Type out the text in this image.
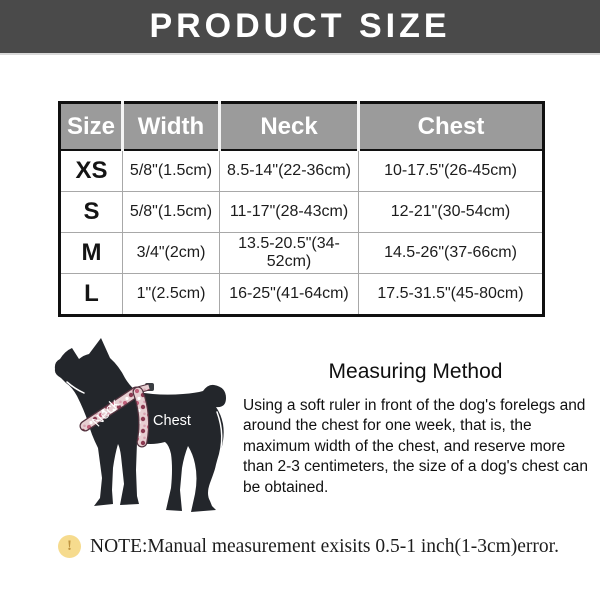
PRODUCT SIZE
Size	Width	Neck	Chest
XS	5/8"(1.5cm)	8.5-14"(22-36cm)	10-17.5"(26-45cm)
S	5/8"(1.5cm)	11-17"(28-43cm)	12-21"(30-54cm)
M	3/4"(2cm)	13.5-20.5"(34-52cm)	14.5-26"(37-66cm)
L	1"(2.5cm)	16-25"(41-64cm)	17.5-31.5"(45-80cm)
Neck Chest
Measuring Method

Using a soft ruler in front of the dog's forelegs and around the chest for one week, that is, the maximum width of the chest, and reserve more than 2-3 centimeters, the size of a dog's chest can be obtained.

! NOTE:Manual measurement exisits 0.5-1 inch(1-3cm)error.
